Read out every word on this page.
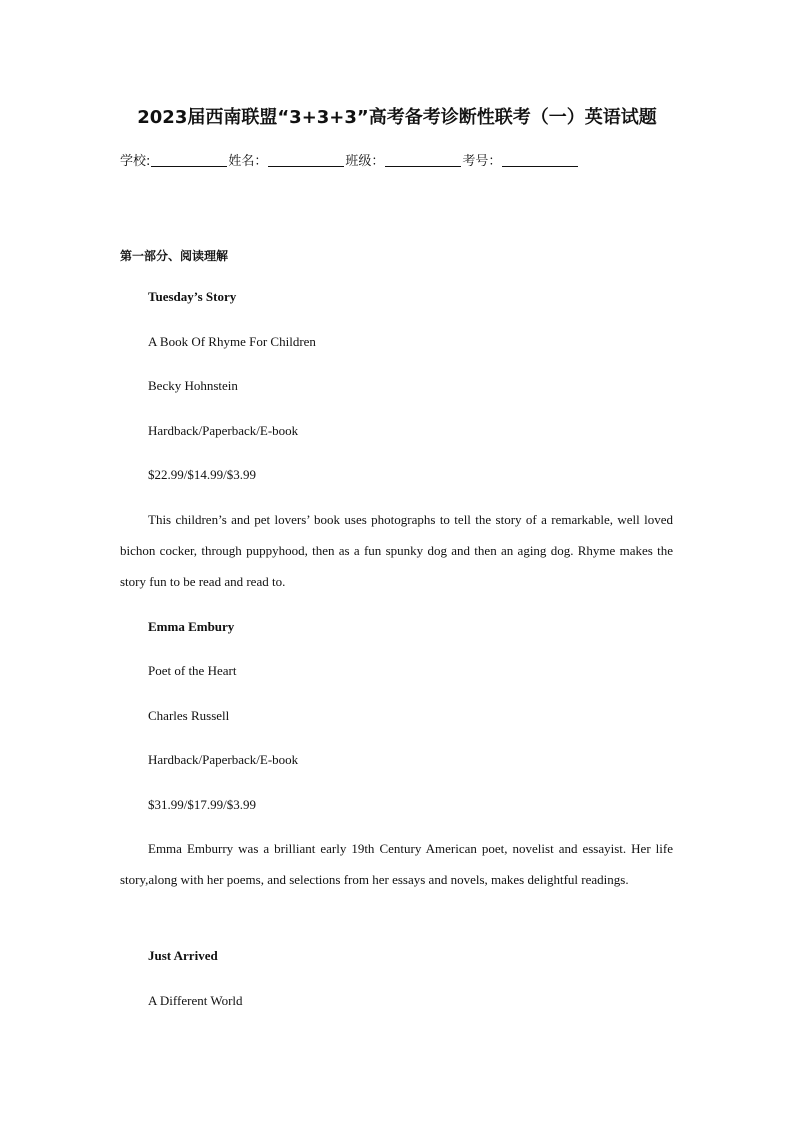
2023届西南联盟“3+3+3”高考备考诊断性联考（一）英语试题
学校:	姓名：	班级：	考号：
第一部分、阅读理解
Tuesday’s Story
A Book Of Rhyme For Children
Becky Hohnstein
Hardback/Paperback/E-book
$22.99/$14.99/$3.99
This children’s and pet lovers’ book uses photographs to tell the story of a remarkable, well loved bichon cocker, through puppyhood, then as a fun spunky dog and then an aging dog. Rhyme makes the story fun to be read and read to.
Emma Embury
Poet of the Heart
Charles Russell
Hardback/Paperback/E-book
$31.99/$17.99/$3.99
Emma Emburry was a brilliant early 19th Century American poet, novelist and essayist. Her life story,along with her poems, and selections from her essays and novels, makes delightful readings.
Just Arrived
A Different World
